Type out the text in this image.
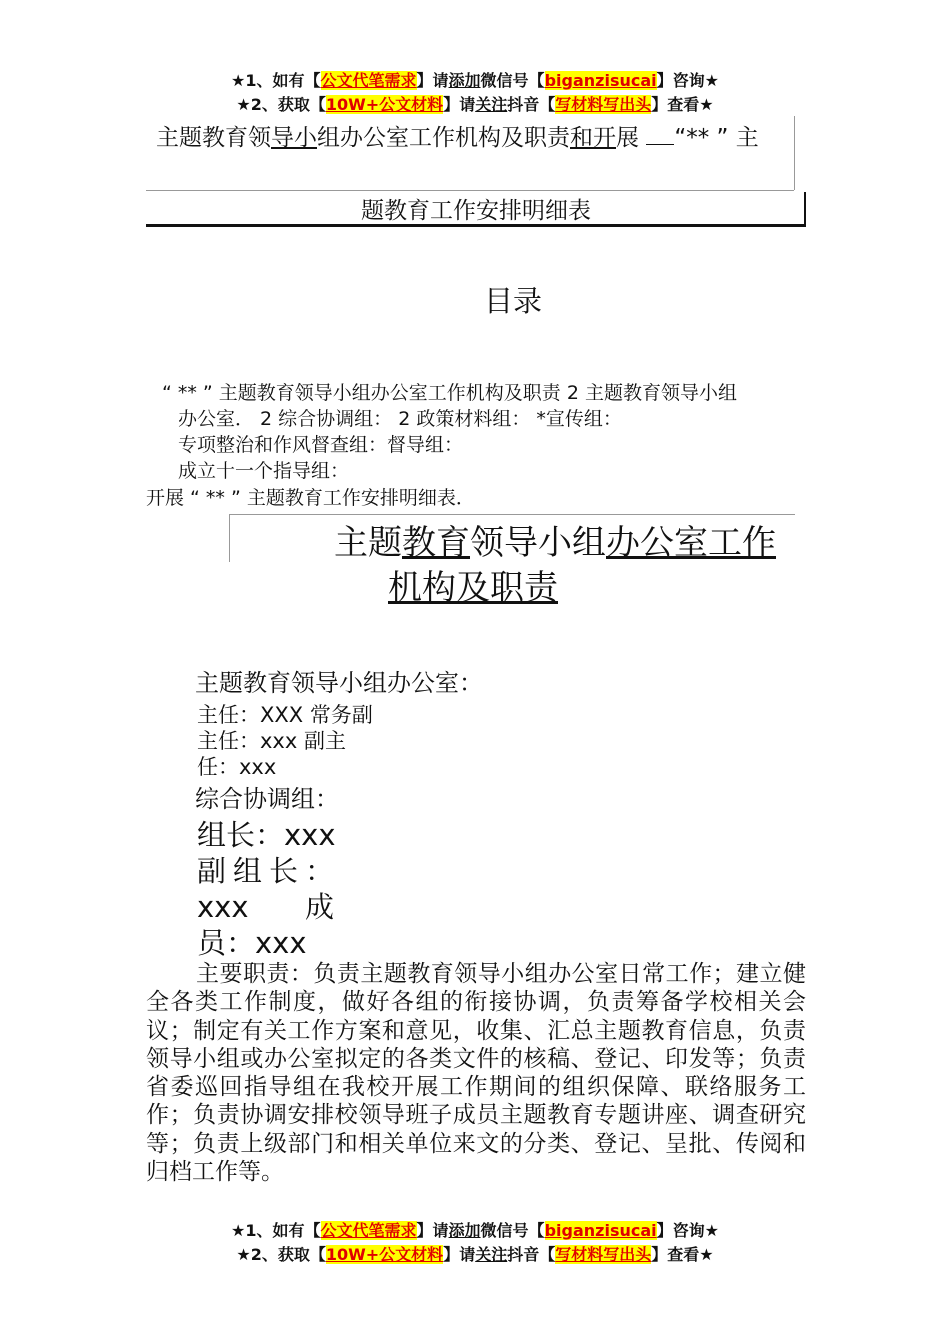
★1、如有【公文代笔需求】请添加微信号【biganzisucai】咨询★
★2、获取【10W+公文材料】请关注抖音【写材料写出头】查看★
主题教育领导小组办公室工作机构及职责和开展 “** ” 主
题教育工作安排明细表
目录
“ ** ” 主题教育领导小组办公室工作机构及职责 2 主题教育领导小组
办公室． 2 综合协调组： 2 政策材料组： *宣传组：
专项整治和作风督查组：督导组：
成立十一个指导组：
开展 “ ** ” 主题教育工作安排明细表．
主题教育领导小组办公室工作
机构及职责
主题教育领导小组办公室：
主任：XXX 常务副
主任：xxx 副主
任：xxx
综合协调组：
组长：xxx
副组长：
xxx 成
员：xxx
主要职责：负责主题教育领导小组办公室日常工作；建立健全各类工作制度，做好各组的衔接协调，负责筹备学校相关会议；制定有关工作方案和意见，收集、汇总主题教育信息，负责领导小组或办公室拟定的各类文件的核稿、登记、印发等；负责省委巡回指导组在我校开展工作期间的组织保障、联络服务工作；负责协调安排校领导班子成员主题教育专题讲座、调查研究等；负责上级部门和相关单位来文的分类、登记、呈批、传阅和归档工作等。
★1、如有【公文代笔需求】请添加微信号【biganzisucai】咨询★
★2、获取【10W+公文材料】请关注抖音【写材料写出头】查看★
